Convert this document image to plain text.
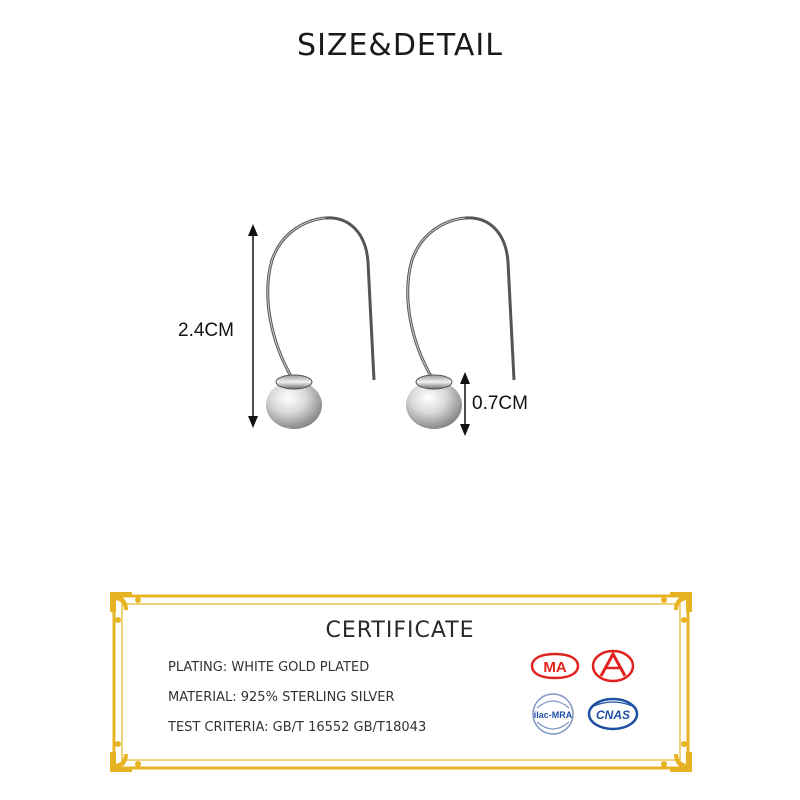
SIZE&DETAIL
2.4CM
0.7CM
CERTIFICATE
PLATING: WHITE GOLD PLATED
MATERIAL: 925% STERLING SILVER
TEST CRITERIA: GB/T 16552 GB/T18043
MA
ilac-MRA CNAS
